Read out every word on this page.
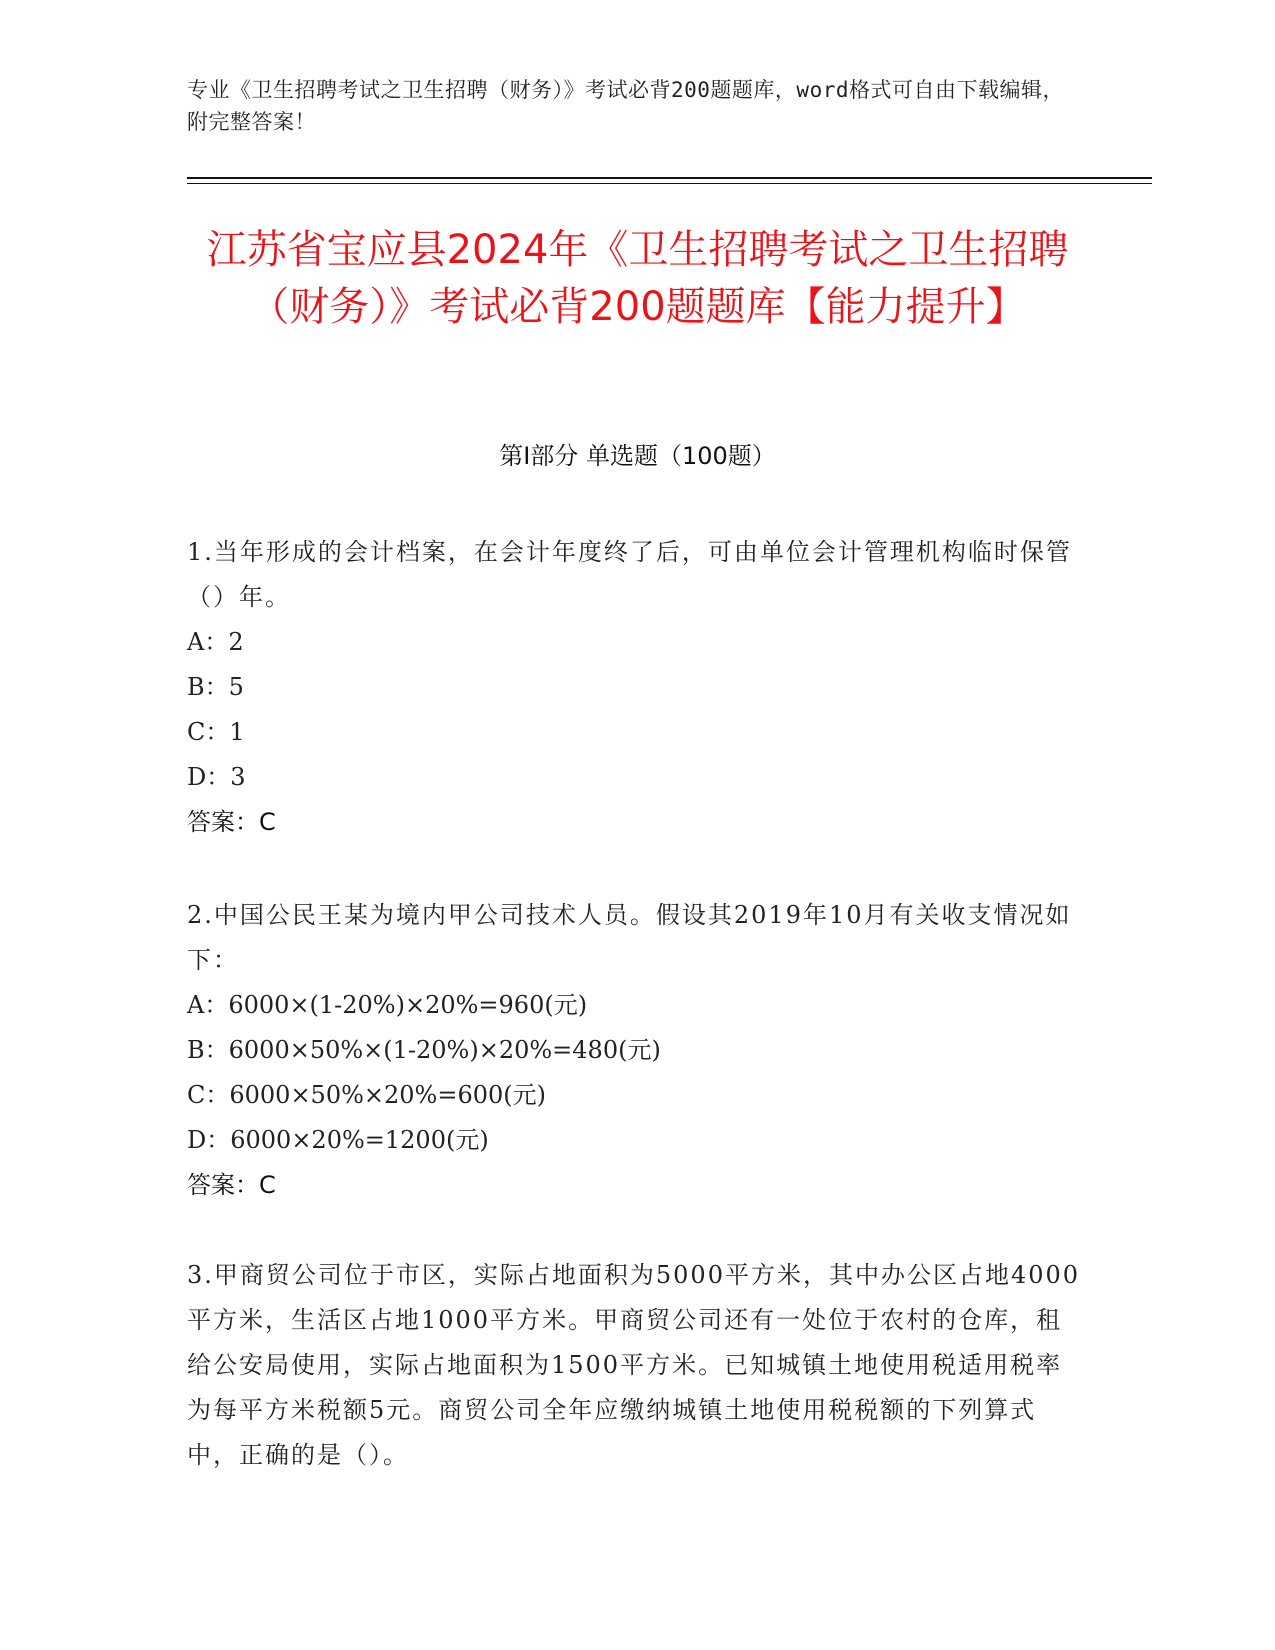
专业《卫生招聘考试之卫生招聘（财务）》考试必背200题题库，word格式可自由下载编辑，附完整答案！
江苏省宝应县2024年《卫生招聘考试之卫生招聘（财务）》考试必背200题题库【能力提升】
第I部分 单选题（100题）

1.当年形成的会计档案，在会计年度终了后，可由单位会计管理机构临时保管（）年。

A：2

B：5

C：1

D：3

答案：C

2.中国公民王某为境内甲公司技术人员。假设其2019年10月有关收支情况如下：

A：6000×(1-20%)×20%=960(元)

B：6000×50%×(1-20%)×20%=480(元)

C：6000×50%×20%=600(元)

D：6000×20%=1200(元)

答案：C

3.甲商贸公司位于市区，实际占地面积为5000平方米，其中办公区占地4000平方米，生活区占地1000平方米。甲商贸公司还有一处位于农村的仓库，租给公安局使用，实际占地面积为1500平方米。已知城镇土地使用税适用税率为每平方米税额5元。商贸公司全年应缴纳城镇土地使用税税额的下列算式中，正确的是（）。
